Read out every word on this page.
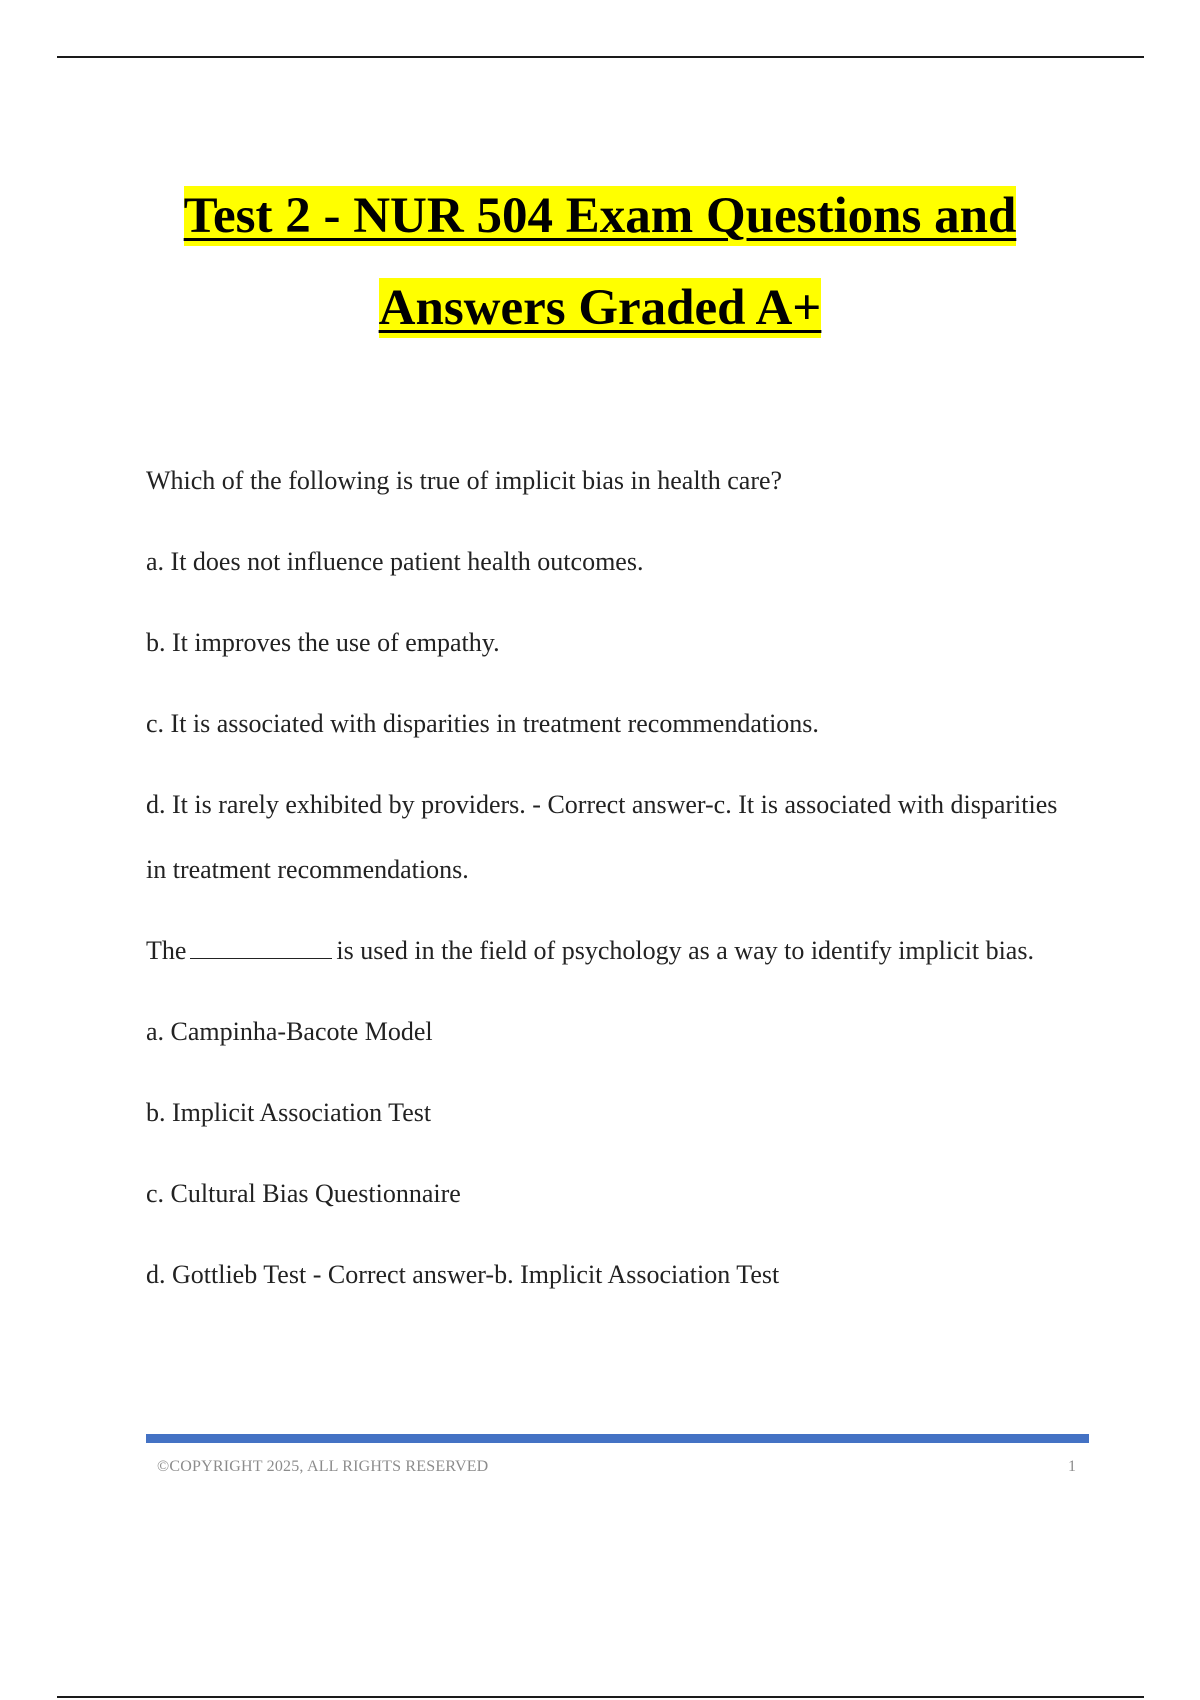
Test 2 - NUR 504 Exam Questions and
Answers Graded A+

Which of the following is true of implicit bias in health care?

a. It does not influence patient health outcomes.

b. It improves the use of empathy.

c. It is associated with disparities in treatment recommendations.

d. It is rarely exhibited by providers. - Correct answer-c. It is associated with disparities in treatment recommendations.

The	is used in the field of psychology as a way to identify implicit bias.

a. Campinha-Bacote Model

b. Implicit Association Test

c. Cultural Bias Questionnaire

d. Gottlieb Test - Correct answer-b. Implicit Association Test

©COPYRIGHT 2025, ALL RIGHTS RESERVED	1
